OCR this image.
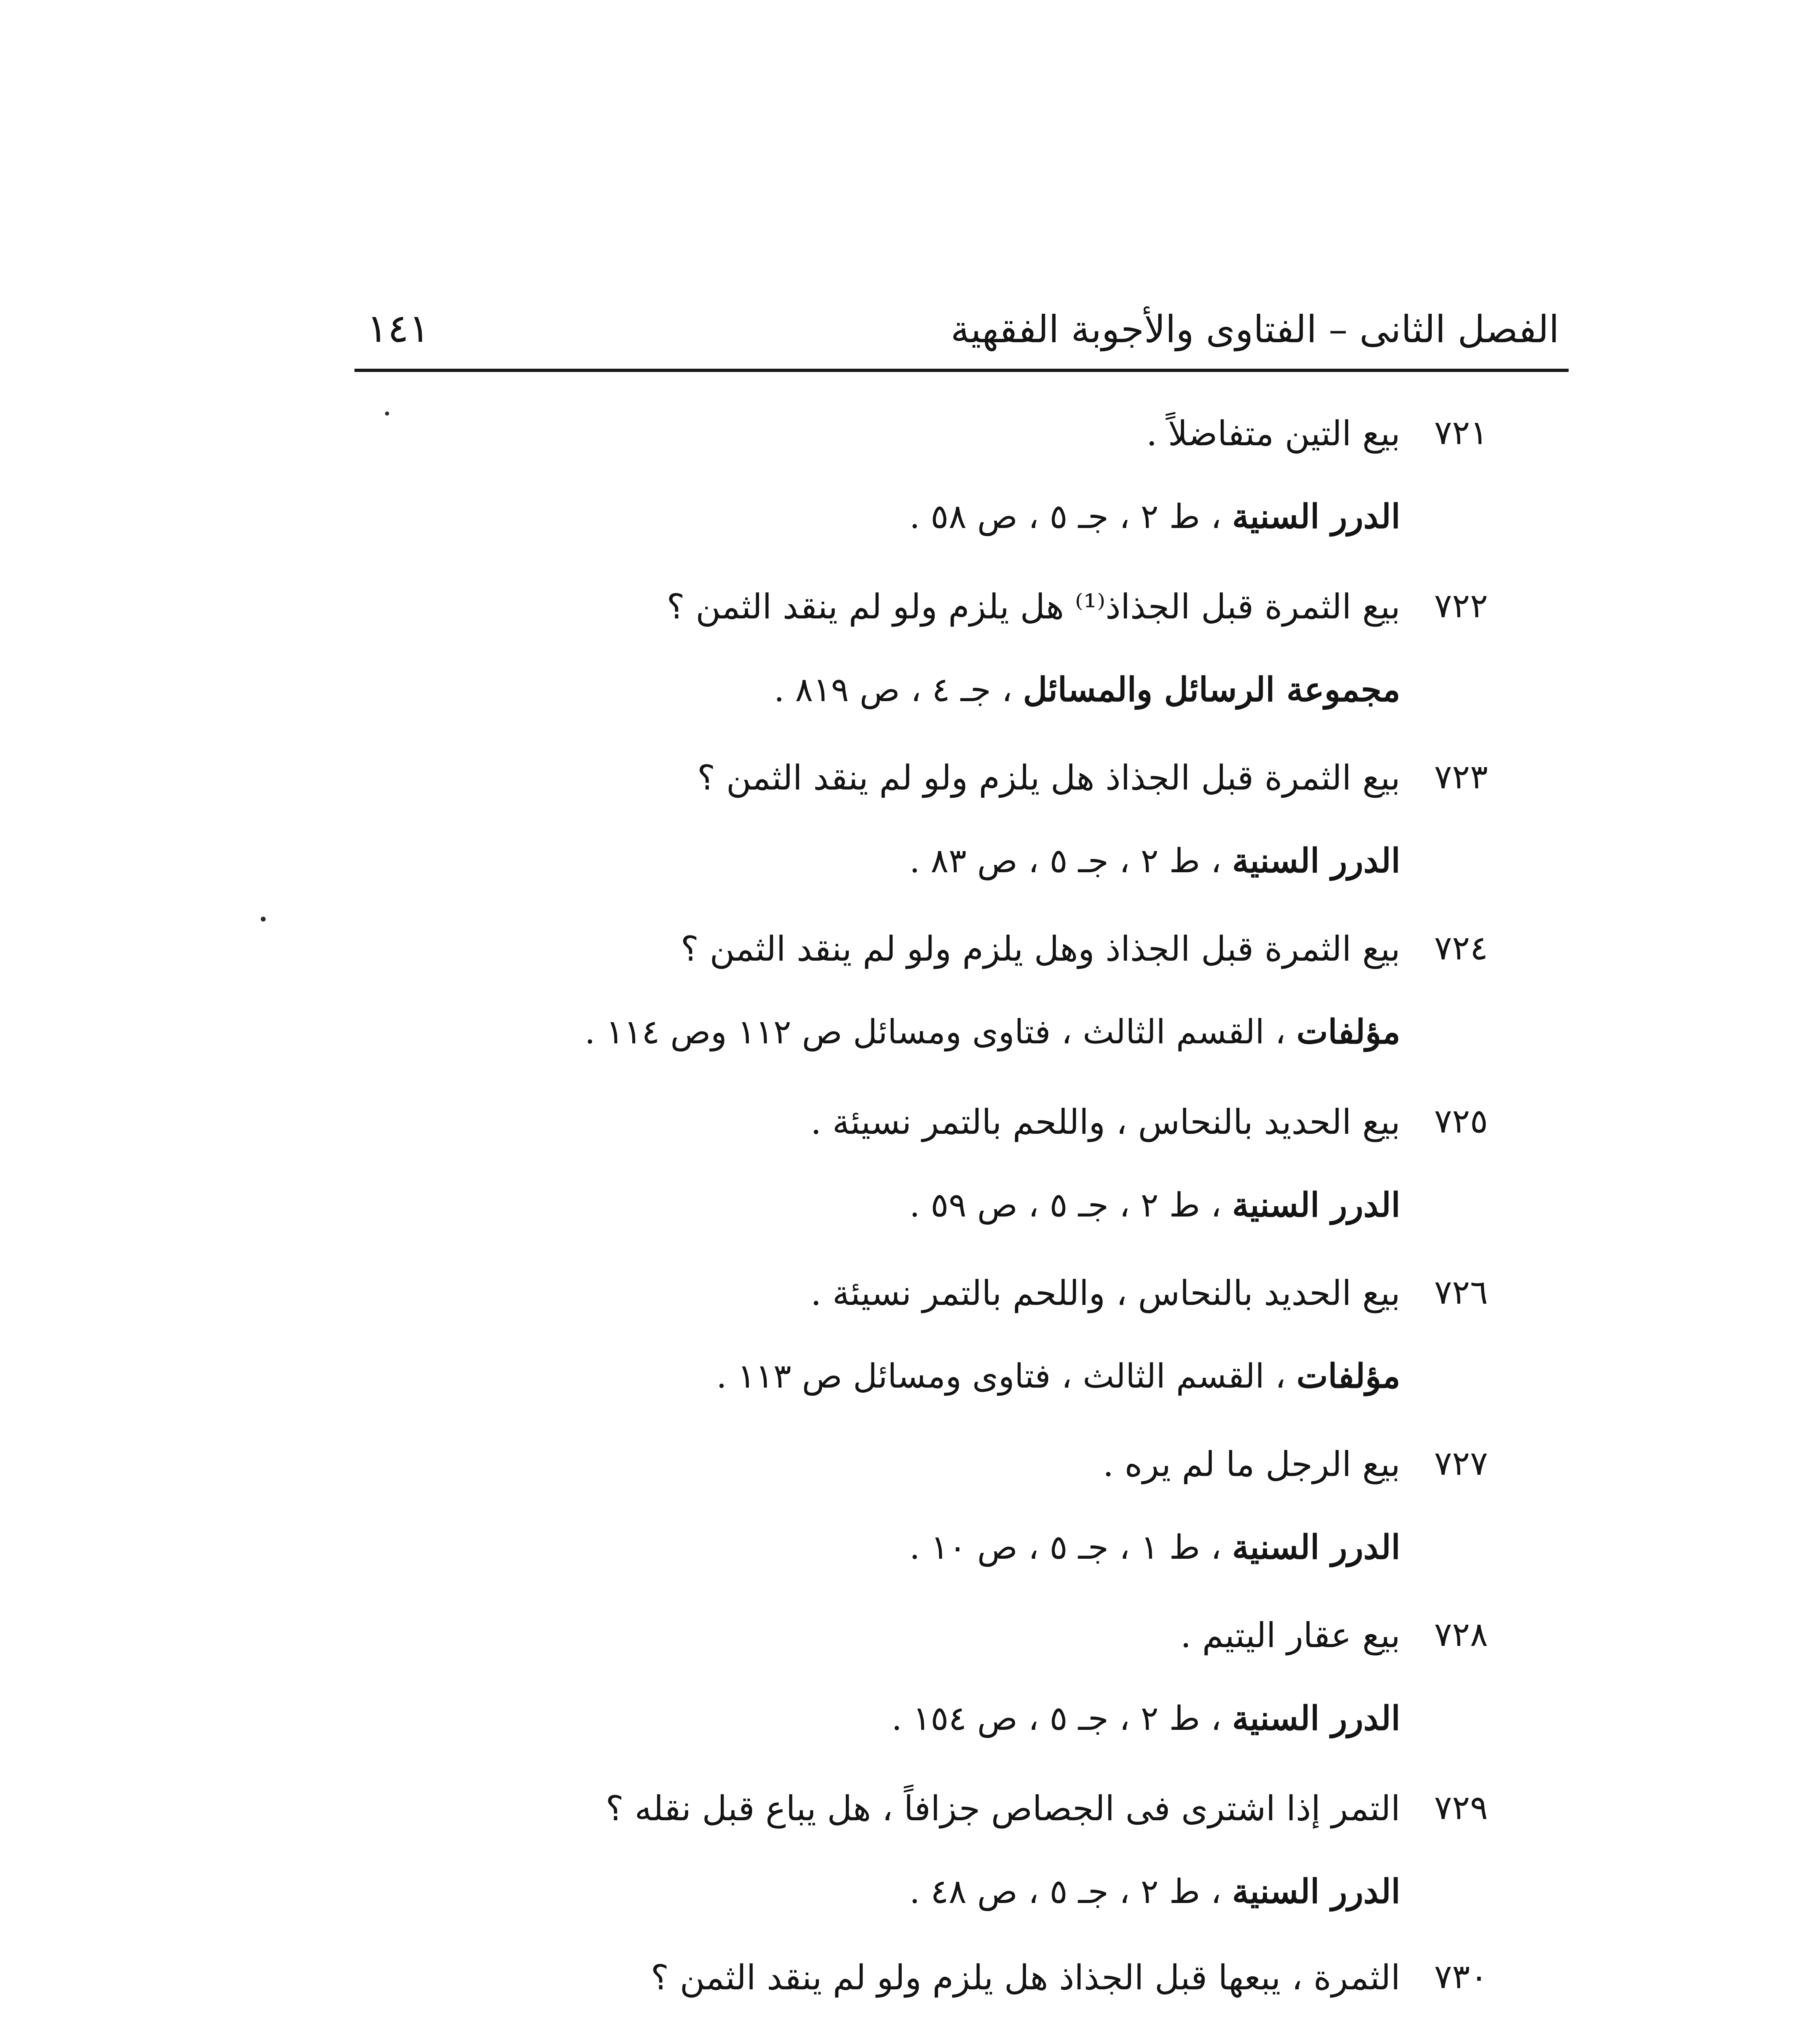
الفصل الثانى – الفتاوى والأجوبة الفقهية
١٤١
٧٢١
بيع التين متفاضلاً .
الدرر السنية ، ط ٢ ، جـ ٥ ، ص ٥٨ .
٧٢٢
بيع الثمرة قبل الجذاذ⁽¹⁾ هل يلزم ولو لم ينقد الثمن ؟
مجموعة الرسائل والمسائل ، جـ ٤ ، ص ٨١٩ .
٧٢٣
بيع الثمرة قبل الجذاذ هل يلزم ولو لم ينقد الثمن ؟
الدرر السنية ، ط ٢ ، جـ ٥ ، ص ٨٣ .
٧٢٤
بيع الثمرة قبل الجذاذ وهل يلزم ولو لم ينقد الثمن ؟
مؤلفات ، القسم الثالث ، فتاوى ومسائل ص ١١٢ وص ١١٤ .
٧٢٥
بيع الحديد بالنحاس ، واللحم بالتمر نسيئة .
الدرر السنية ، ط ٢ ، جـ ٥ ، ص ٥٩ .
٧٢٦
بيع الحديد بالنحاس ، واللحم بالتمر نسيئة .
مؤلفات ، القسم الثالث ، فتاوى ومسائل ص ١١٣ .
٧٢٧
بيع الرجل ما لم يره .
الدرر السنية ، ط ١ ، جـ ٥ ، ص ١٠ .
٧٢٨
بيع عقار اليتيم .
الدرر السنية ، ط ٢ ، جـ ٥ ، ص ١٥٤ .
٧٢٩
التمر إذا اشترى فى الجصاص جزافاً ، هل يباع قبل نقله ؟
الدرر السنية ، ط ٢ ، جـ ٥ ، ص ٤٨ .
٧٣٠
الثمرة ، يبعها قبل الجذاذ هل يلزم ولو لم ينقد الثمن ؟
